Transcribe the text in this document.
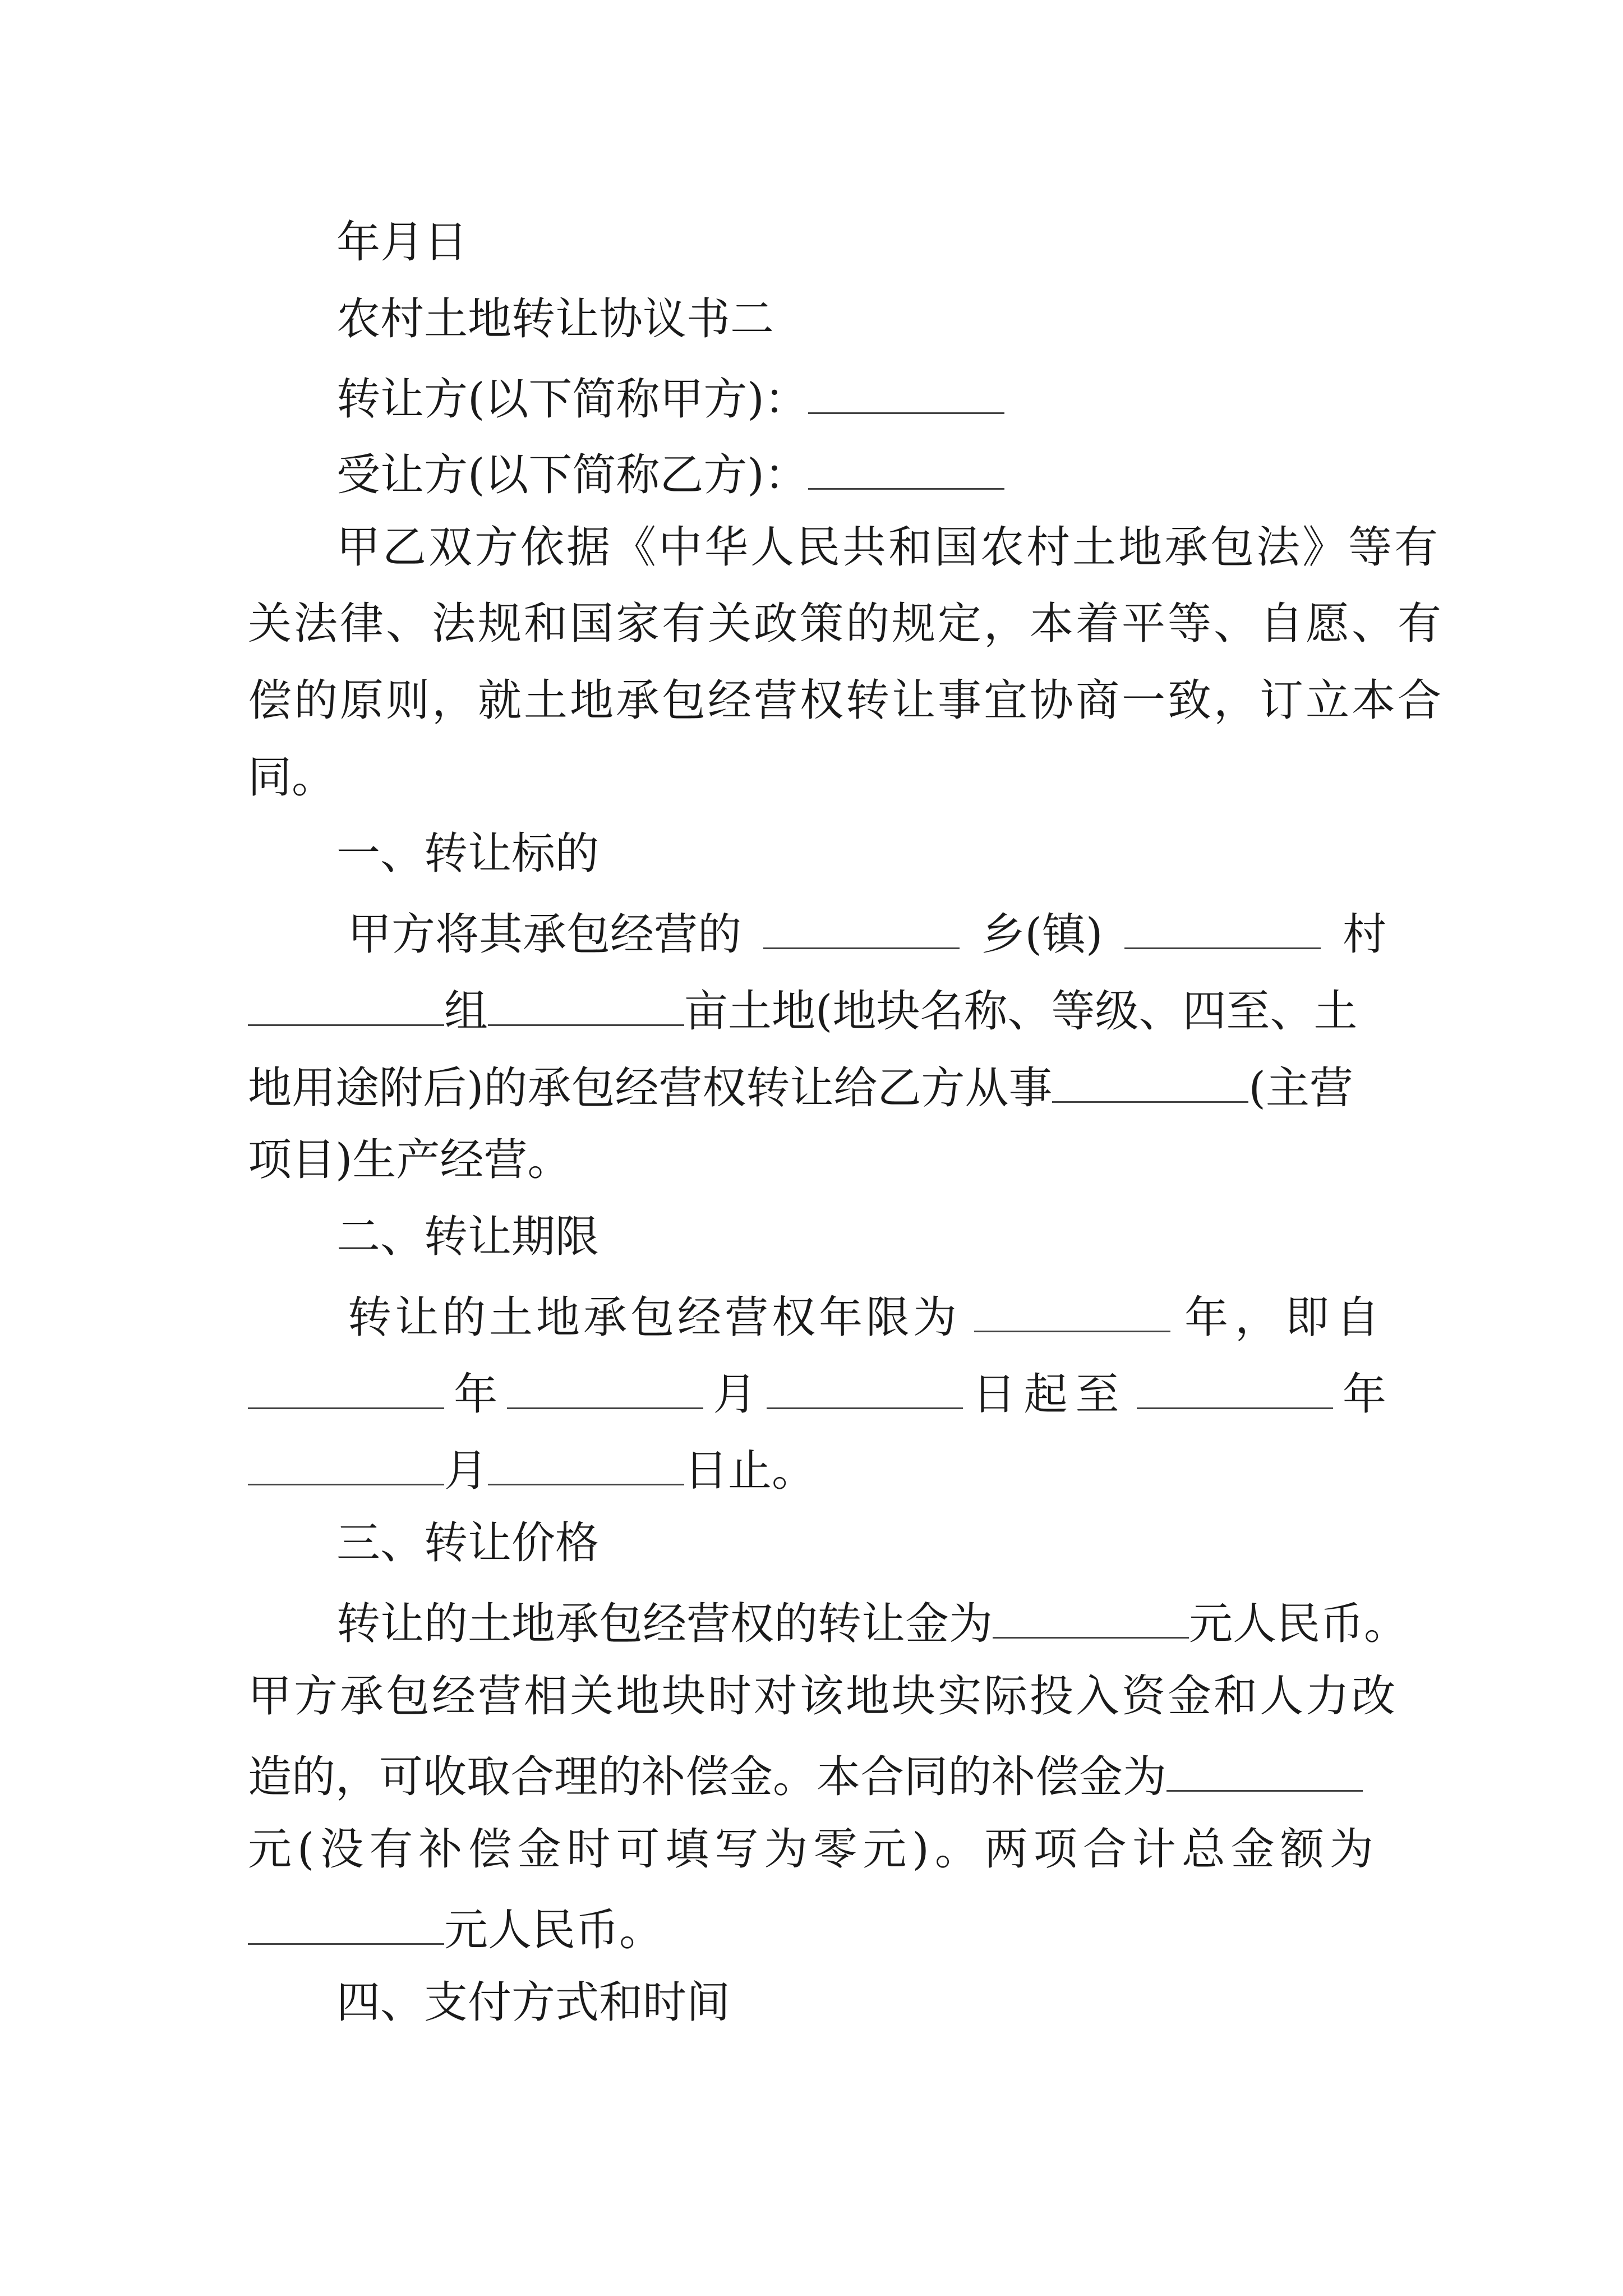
年月日
农村土地转让协议书二
转让方(以下简称甲方)：
受让方(以下简称乙方)：
甲乙双方依据《中华人民共和国农村土地承包法》等有
关法律、法规和国家有关政策的规定，本着平等、自愿、有
偿的原则，就土地承包经营权转让事宜协商一致，订立本合
同。
一、转让标的
甲方将其承包经营的	乡(镇)	村
组	亩土地(地块名称、等级、四至、土
地用途附后)的承包经营权转让给乙方从事	(主营
项目)生产经营。
二、转让期限
转让的土地承包经营权年限为	年，即自
年	月	日起至	年
月	日止。
三、转让价格
转让的土地承包经营权的转让金为	元人民币。
甲方承包经营相关地块时对该地块实际投入资金和人力改
造的，可收取合理的补偿金。本合同的补偿金为
元(没有补偿金时可填写为零元)。两项合计总金额为
元人民币。
四、支付方式和时间
